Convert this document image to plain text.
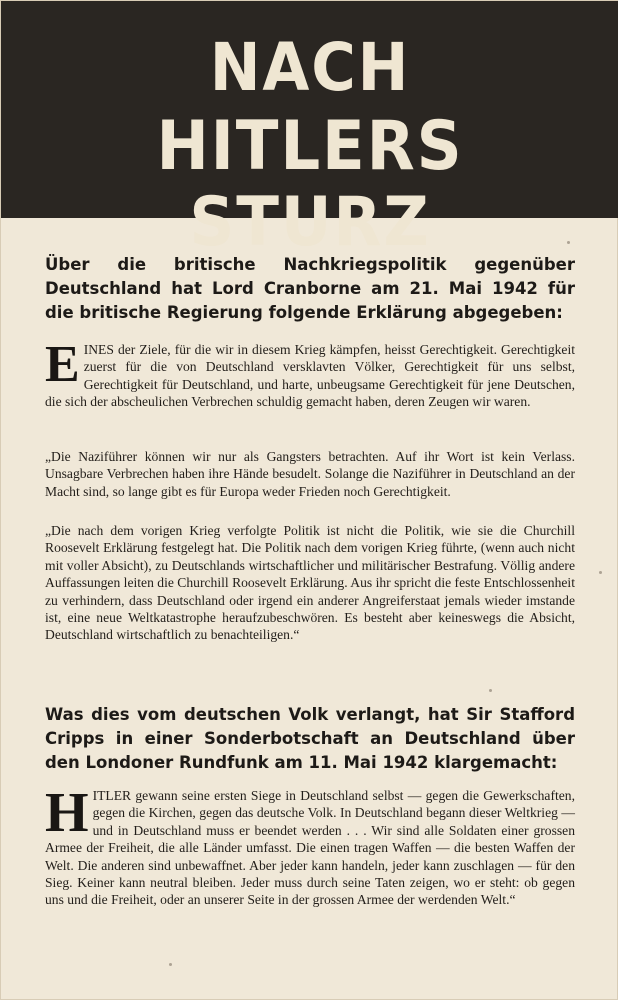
NACH
HITLERS STURZ
Über die britische Nachkriegspolitik gegenüber Deutschland hat Lord Cranborne am 21. Mai 1942 für die britische Regierung folgende Erklärung abgegeben:

EINES der Ziele, für die wir in diesem Krieg kämpfen, heisst Gerechtigkeit. Gerechtigkeit zuerst für die von Deutschland versklavten Völker, Gerechtigkeit für uns selbst, Gerechtigkeit für Deutschland, und harte, unbeugsame Gerechtigkeit für jene Deutschen, die sich der abscheulichen Verbrechen schuldig gemacht haben, deren Zeugen wir waren.

„Die Naziführer können wir nur als Gangsters betrachten. Auf ihr Wort ist kein Verlass. Unsagbare Verbrechen haben ihre Hände besudelt. Solange die Naziführer in Deutschland an der Macht sind, so lange gibt es für Europa weder Frieden noch Gerechtigkeit.

„Die nach dem vorigen Krieg verfolgte Politik ist nicht die Politik, wie sie die Churchill Roosevelt Erklärung festgelegt hat. Die Politik nach dem vorigen Krieg führte, (wenn auch nicht mit voller Absicht), zu Deutschlands wirtschaftlicher und militärischer Bestrafung. Völlig andere Auffassungen leiten die Churchill Roosevelt Erklärung. Aus ihr spricht die feste Entschlossenheit zu verhindern, dass Deutschland oder irgend ein anderer Angreiferstaat jemals wieder imstande ist, eine neue Weltkatastrophe heraufzubeschwören. Es besteht aber keineswegs die Absicht, Deutschland wirtschaftlich zu benachteiligen.“

Was dies vom deutschen Volk verlangt, hat Sir Stafford Cripps in einer Sonderbotschaft an Deutschland über den Londoner Rundfunk am 11. Mai 1942 klargemacht:

HITLER gewann seine ersten Siege in Deutschland selbst — gegen die Gewerkschaften, gegen die Kirchen, gegen das deutsche Volk. In Deutschland begann dieser Weltkrieg — und in Deutschland muss er beendet werden . . . Wir sind alle Soldaten einer grossen Armee der Freiheit, die alle Länder umfasst. Die einen tragen Waffen — die besten Waffen der Welt. Die anderen sind unbewaffnet. Aber jeder kann handeln, jeder kann zuschlagen — für den Sieg. Keiner kann neutral bleiben. Jeder muss durch seine Taten zeigen, wo er steht: ob gegen uns und die Freiheit, oder an unserer Seite in der grossen Armee der werdenden Welt.“
